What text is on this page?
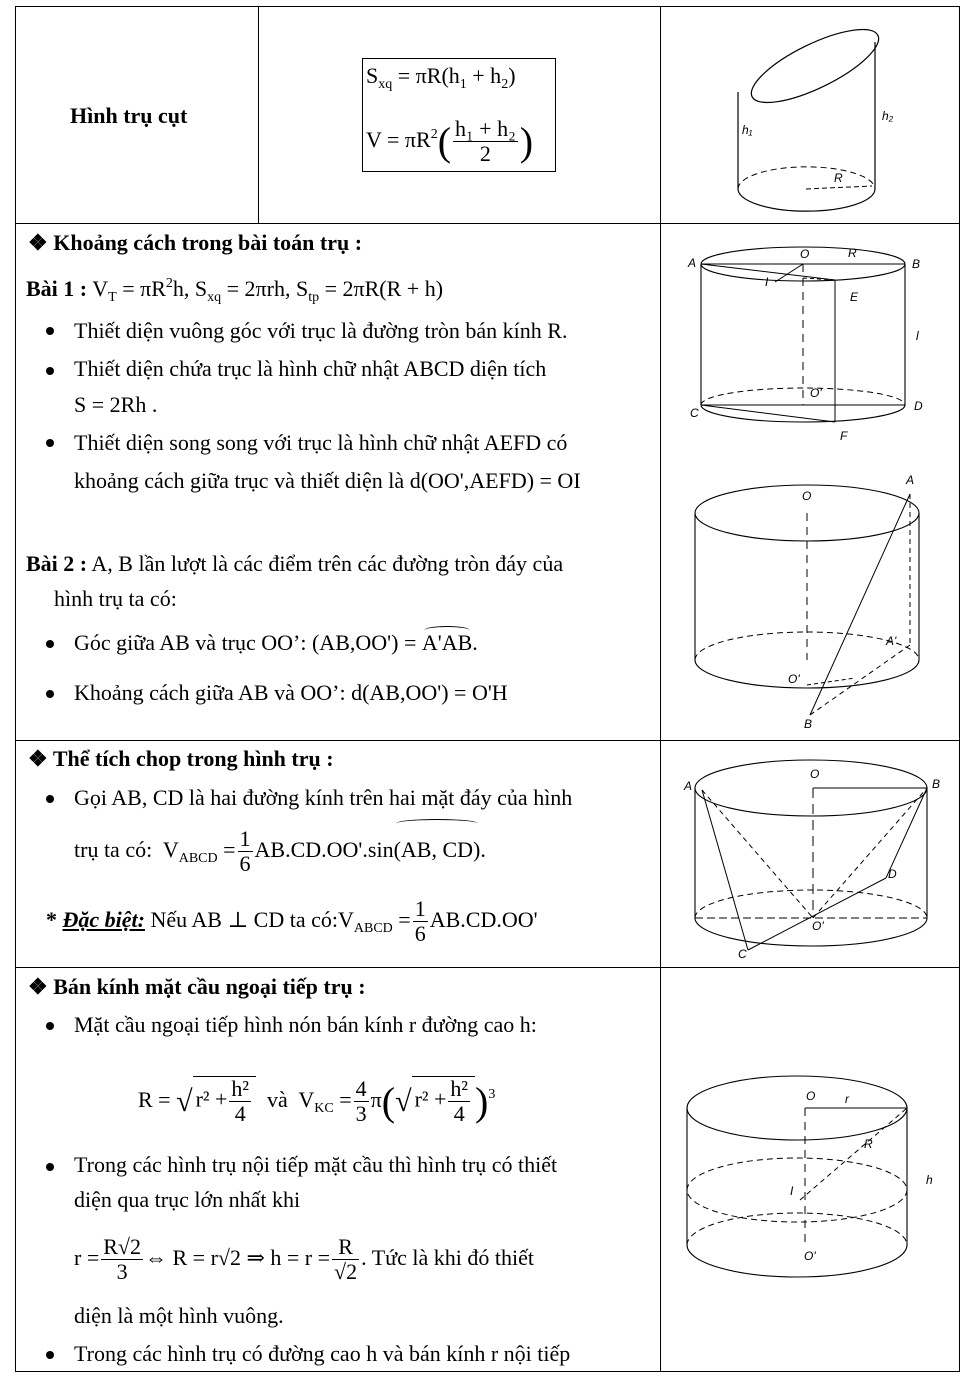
Hình trụ cụt
$S_{xq} = \pi R(h_1 + h_2)$
$V = \pi R^2( \frac{\text{h₁ + h₂}}{2}$ )	h₁
h₂
R
❖ Khoảng cách trong bài toán trụ :
Bài 1 : $V_T = \pi R^2h$, $S_{xq} = 2\pi rh$, $S_{tp} = 2\pi R(R + h)$
Thiết diện vuông góc với trục là đường tròn bán kính R.
Thiết diện chứa trục là hình chữ nhật ABCD diện tích
S = 2Rh .
Thiết diện song song với trục là hình chữ nhật AEFD có
khoảng cách giữa trục và thiết diện là d(OO',AEFD) = OI
Bài 2 : A, B lần lượt là các điểm trên các đường tròn đáy của
hình trụ ta có:
Góc giữa AB và trục OO’: (AB,OO') = A'AB.
Khoảng cách giữa AB và OO’: d(AB,OO') = O'H
A
O	R
B
I
E
l
O'
C	D
F
O
A
A'
O'
B
❖ Thể tích chop trong hình trụ :
Gọi AB, CD là hai đường kính trên hai mặt đáy của hình
trụ ta có: $V_{ABCD} = \frac{1}{6} AB.CD.OO'.\sin(AB$, CD).
* Đặc biệt: Nếu AB ⊥ CD ta $có:V_{ABCD} = \frac{1}{6} AB.CD.OO'$
A
O
B
D
O'
C
❖ Bán kính mặt cầu ngoại tiếp trụ :
Mặt cầu ngoại tiếp hình nón bán kính r đường cao h:
R = √ $r^2 + \frac{\text{h²}}{4}$ và $V_{KC} = \frac{4}{3} \pi(√$ $r^2 + \frac{\text{h²}}{4} )^3$
Trong các hình trụ nội tiếp mặt cầu thì hình trụ có thiết
diện qua trục lớn nhất khi
$r = \frac{R√2}{3}$ ⇔ R = r√2 ⇒ $h = r = \frac{R}{√2}$ . Tức là khi đó thiết
diện là một hình vuông.
Trong các hình trụ có đường cao h và bán kính r nội tiếp
O r
R
I
h
O'
